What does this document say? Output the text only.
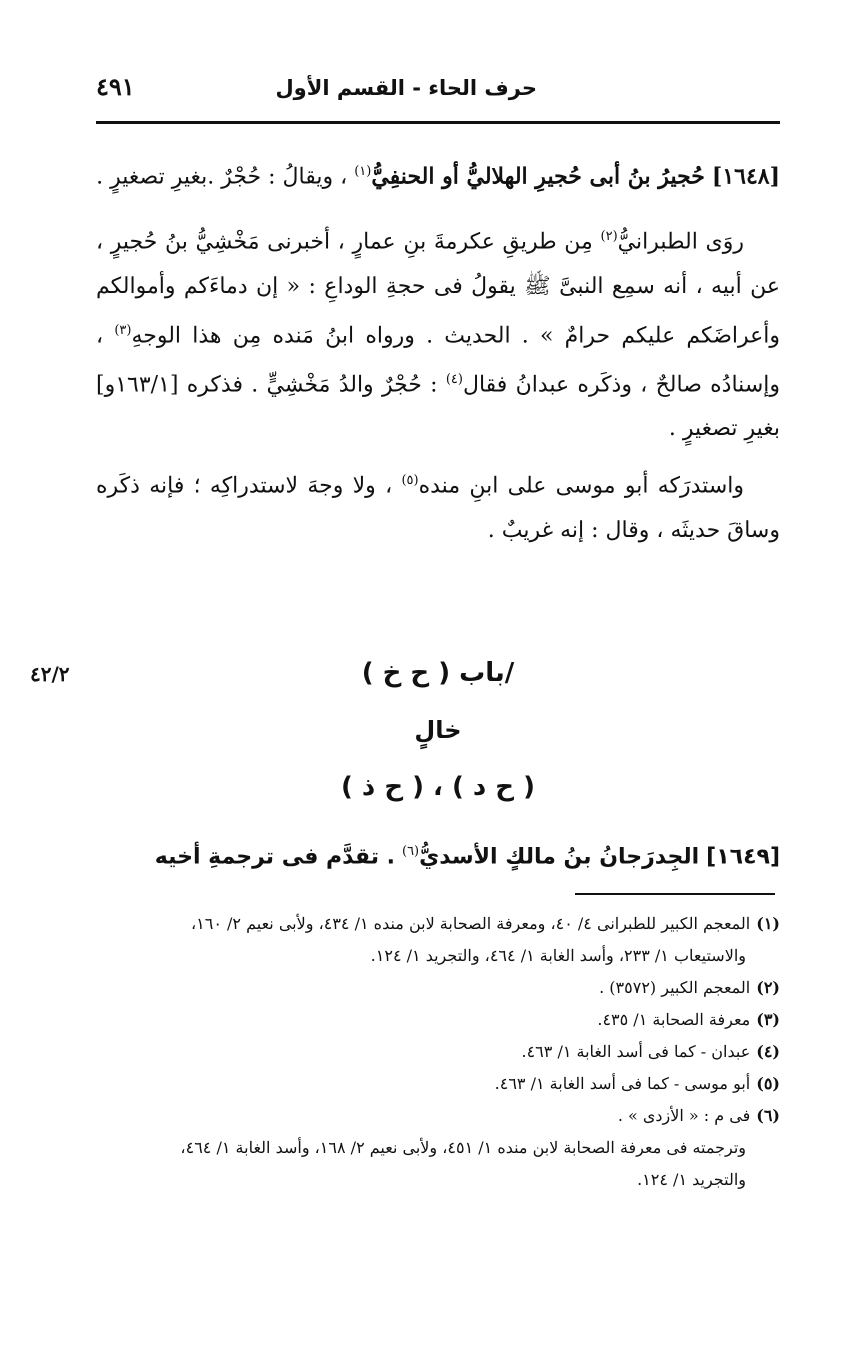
حرف الحاء - القسم الأول
٤٩١

[١٦٤٨] حُجيرُ بنُ أبى حُجيرِ الهلاليُّ أو الحنفِيُّ$^{(١)}$ ، ويقالُ : حُجْرٌ .بغيرِ تصغيرٍ .

روَى الطبرانيُّ$^{(٢)}$ مِن طريقِ عكرمةَ بنِ عمارٍ ، أخبرنى مَخْشِيُّ بنُ حُجيرٍ ، عن أبيه ، أنه سمِع النبىَّ ﷺ يقولُ فى حجةِ الوداعِ : « إن دماءَكم وأموالكم وأعراضَكم عليكم حرامٌ » . الحديث . ورواه ابنُ مَنده مِن هذا الوجهِ$^{(٣)}$ ، وإسنادُه صالحٌ ، وذكَره عبدانُ فقال$^{(٤)}$ : حُجْرٌ والدُ مَخْشِيٍّ . فذكره [١٦٣/١و] بغيرِ تصغيرٍ .

واستدرَكه أبو موسى على ابنِ منده$^{(٥)}$ ، ولا وجهَ لاستدراكِه ؛ فإنه ذكَره وساقَ حديثَه ، وقال : إنه غريبٌ .

٤٢/٢	/باب ( ح خ )
خالٍ
( ح د ) ، ( ح ذ )
[١٦٤٩] الجِدرَجانُ بنُ مالكٍ الأسديُّ$^{(٦)}$ . تقدَّم فى ترجمةِ أخيه

(١)المعجم الكبير للطبرانى ٤/ ٤٠، ومعرفة الصحابة لابن منده ١/ ٤٣٤، ولأبى نعيم ٢/ ١٦٠،

والاستيعاب ١/ ٢٣٣، وأسد الغابة ١/ ٤٦٤، والتجريد ١/ ١٢٤.

(٢)المعجم الكبير (٣٥٧٢) .

(٣)معرفة الصحابة ١/ ٤٣٥.

(٤)عبدان - كما فى أسد الغابة ١/ ٤٦٣.

(٥)أبو موسى - كما فى أسد الغابة ١/ ٤٦٣.

(٦)فى م : « الأزدى » .

وترجمته فى معرفة الصحابة لابن منده ١/ ٤٥١، ولأبى نعيم ٢/ ١٦٨، وأسد الغابة ١/ ٤٦٤،

والتجريد ١/ ١٢٤.
